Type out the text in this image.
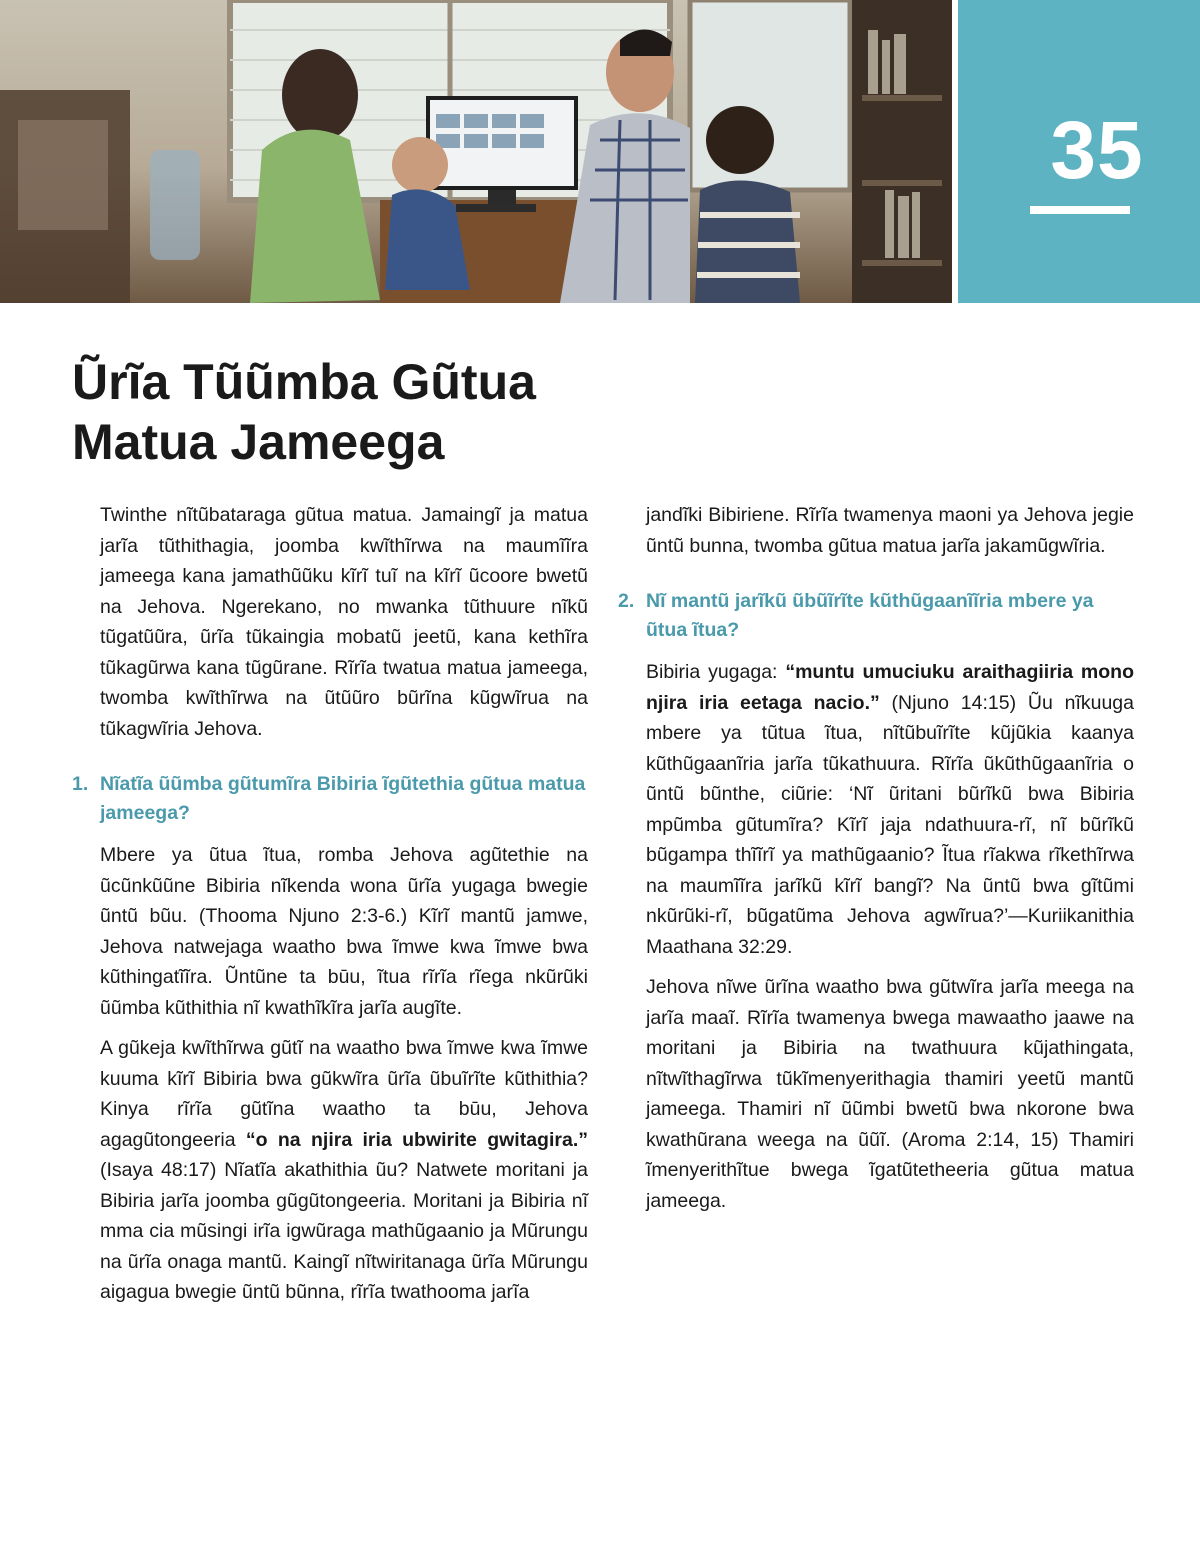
35
Ũrĩa Tũũmba Gũtua
Matua Jameega

Twinthe nĩtũbataraga gũtua matua. Jamaingĩ ja matua jarĩa tũthithagia, joomba kwĩthĩrwa na maumĩĩra jameega kana jamathũũku kĩrĩ tuĩ na kĩrĩ ũcoore bwetũ na Jehova. Ngerekano, no mwanka tũthuure nĩkũ tũgatũũra, ũrĩa tũkaingia mobatũ jeetũ, kana kethĩra tũkagũrwa kana tũgũrane. Rĩrĩa twatua matua jameega, twomba kwĩthĩrwa na ũtũũro bũrĩna kũgwĩrua na tũkagwĩria Jehova.

1. Nĩatĩa ũũmba gũtumĩra Bibiria ĩgũtethia gũtua matua jameega?

Mbere ya ũtua ĩtua, romba Jehova agũtethie na ũcũnkũũne Bibiria nĩkenda wona ũrĩa yugaga bwegie ũntũ bũu. (Thooma Njuno 2:3-6.) Kĩrĩ mantũ jamwe, Jehova natwejaga waatho bwa ĩmwe kwa ĩmwe bwa kũthingatĩĩra. Ũntũne ta būu, ĩtua rĩrĩa rĩega nkũrũki ũũmba kũthithia nĩ kwathĩkĩra jarĩa augĩte.

A gũkeja kwĩthĩrwa gũtĩ na waatho bwa ĩmwe kwa ĩmwe kuuma kĩrĩ Bibiria bwa gũkwĩra ũrĩa ũbuĩrĩte kũthithia? Kinya rĩrĩa gũtĩna waatho ta būu, Jehova agagũtongeeria “o na njira iria ubwirite gwitagira.” (Isaya 48:17) Nĩatĩa akathithia ũu? Natwete moritani ja Bibiria jarĩa joomba gũgũtongeeria. Moritani ja Bibiria nĩ mma cia mũsingi irĩa igwũraga mathũgaanio ja Mũrungu na ũrĩa onaga mantũ. Kaingĩ nĩtwiritanaga ũrĩa Mũrungu aigagua bwegie ũntũ bũnna, rĩrĩa twathooma jarĩa

jandĩki Bibiriene. Rĩrĩa twamenya maoni ya Jehova jegie ũntũ bunna, twomba gũtua matua jarĩa jakamũgwĩria.

2. Nĩ mantũ jarĩkũ ũbũĩrĩte kũthũgaanĩĩria mbere ya ũtua ĩtua?

Bibiria yugaga: “muntu umuciuku araithagiiria mono njira iria eetaga nacio.” (Njuno 14:15) Ũu nĩkuuga mbere ya tũtua ĩtua, nĩtũbuĩrĩte kũjũkia kaanya kũthũgaanĩria jarĩa tũkathuura. Rĩrĩa ũkũthũgaanĩria o ũntũ bũnthe, ciũrie: ‘Nĩ ũritani bũrĩkũ bwa Bibiria mpũmba gũtumĩra? Kĩrĩ jaja ndathuura-rĩ, nĩ bũrĩkũ bũgampa thĩĩrĩ ya mathũgaanio? Ĩtua rĩakwa rĩkethĩrwa na maumĩĩra jarĩkũ kĩrĩ bangĩ? Na ũntũ bwa gĩtũmi nkũrũki-rĩ, bũgatũma Jehova agwĩrua?’—Kuriikanithia Maathana 32:29.

Jehova nĩwe ũrĩna waatho bwa gũtwĩra jarĩa meega na jarĩa maaĩ. Rĩrĩa twamenya bwega mawaatho jaawe na moritani ja Bibiria na twathuura kũjathingata, nĩtwĩthagĩrwa tũkĩmenyerithagia thamiri yeetũ mantũ jameega. Thamiri nĩ ũũmbi bwetũ bwa nkorone bwa kwathũrana weega na ũũĩ. (Aroma 2:14, 15) Thamiri ĩmenyerithĩtue bwega ĩgatũtetheeria gũtua matua jameega.
